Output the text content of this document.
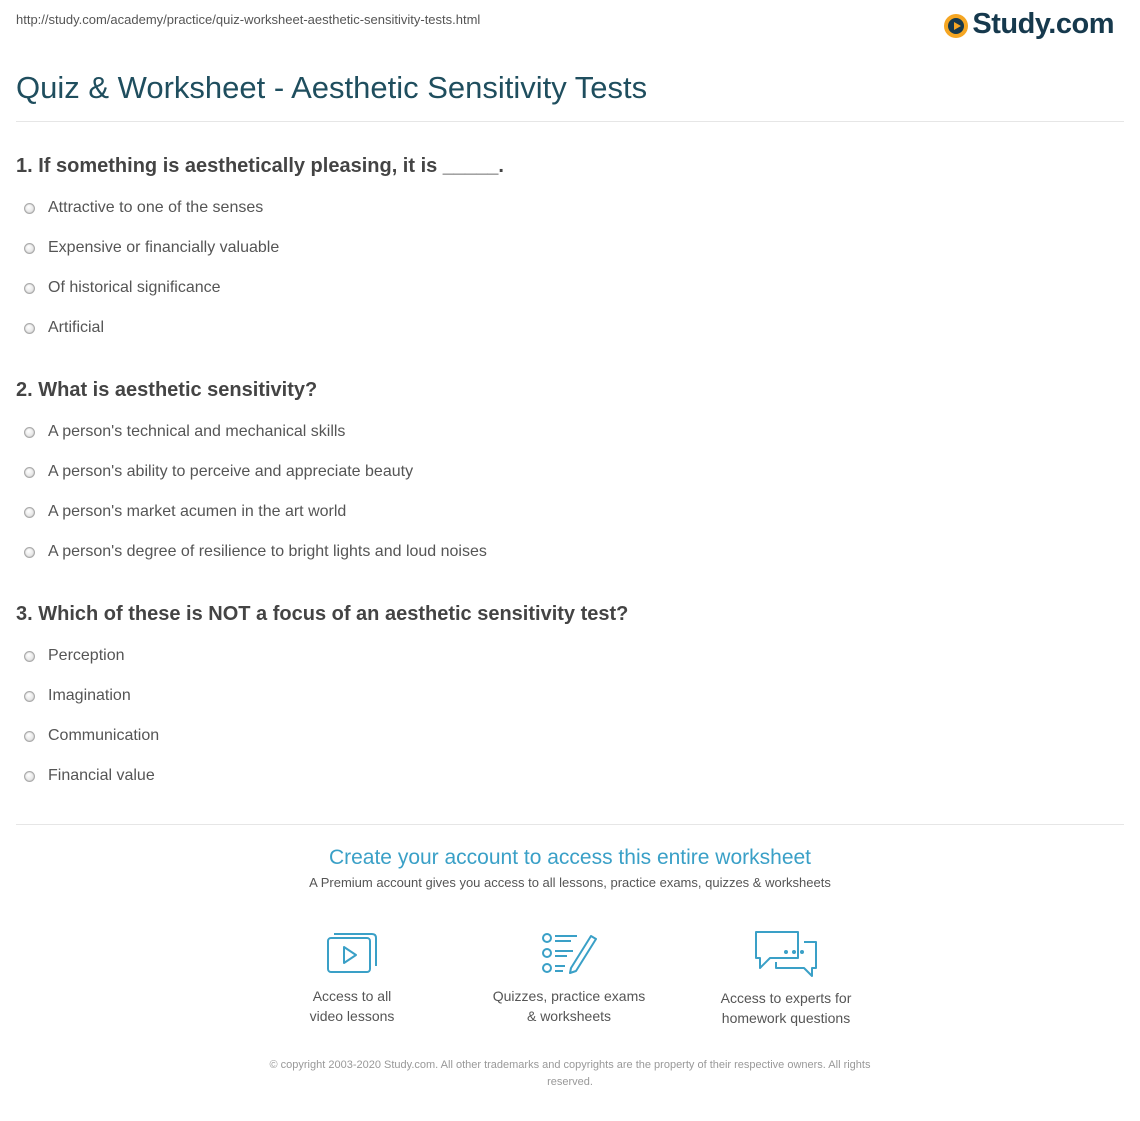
http://study.com/academy/practice/quiz-worksheet-aesthetic-sensitivity-tests.html	Study.com
Quiz & Worksheet - Aesthetic Sensitivity Tests

1. If something is aesthetically pleasing, it is _____.

Attractive to one of the senses
Expensive or financially valuable
Of historical significance
Artificial

2. What is aesthetic sensitivity?

A person's technical and mechanical skills
A person's ability to perceive and appreciate beauty
A person's market acumen in the art world
A person's degree of resilience to bright lights and loud noises

3. Which of these is NOT a focus of an aesthetic sensitivity test?

Perception
Imagination
Communication
Financial value

Create your account to access this entire worksheet

A Premium account gives you access to all lessons, practice exams, quizzes & worksheets
Access to all
video lessons
Quizzes, practice exams
& worksheets
Access to experts for
homework questions
© copyright 2003-2020 Study.com. All other trademarks and copyrights are the property of their respective owners. All rights
reserved.
